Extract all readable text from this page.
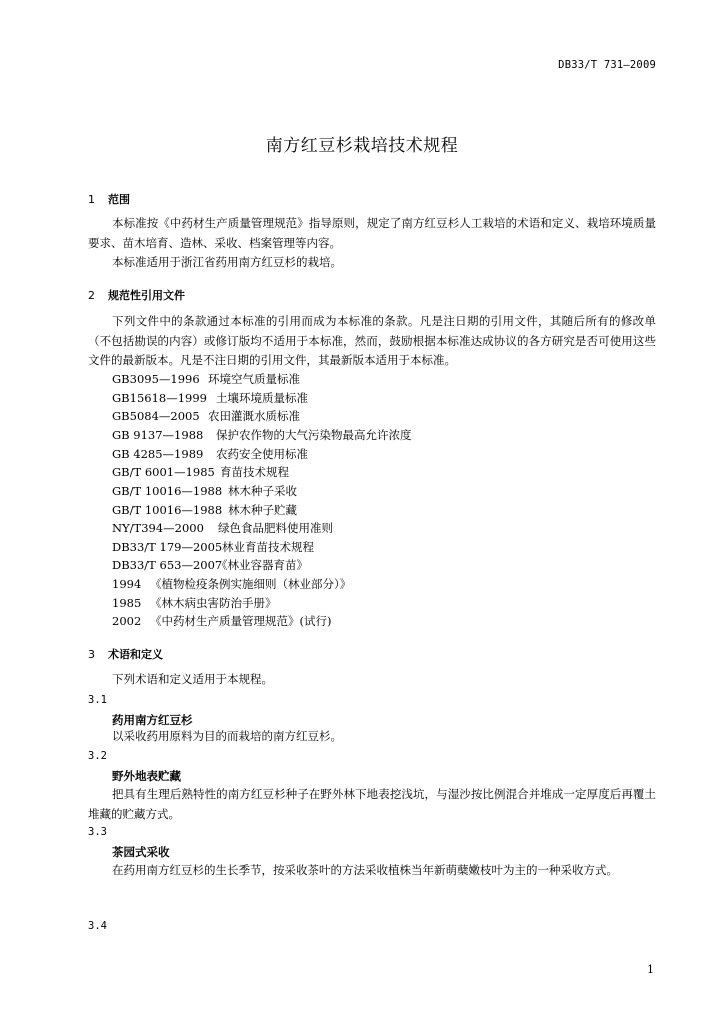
DB33/T 731—2009
南方红豆杉栽培技术规程
1 范围
本标准按《中药材生产质量管理规范》指导原则，规定了南方红豆杉人工栽培的术语和定义、栽培环境质量要求、苗木培育、造林、采收、档案管理等内容。
本标准适用于浙江省药用南方红豆杉的栽培。
2 规范性引用文件
下列文件中的条款通过本标准的引用而成为本标准的条款。凡是注日期的引用文件，其随后所有的修改单（不包括勘误的内容）或修订版均不适用于本标准，然而，鼓励根据本标准达成协议的各方研究是否可使用这些文件的最新版本。凡是不注日期的引用文件，其最新版本适用于本标准。
GB3095—1996 环境空气质量标准
GB15618—1999 土壤环境质量标准
GB5084—2005 农田灌溉水质标准
GB 9137—1988 保护农作物的大气污染物最高允许浓度
GB 4285—1989 农药安全使用标准
GB/T 6001—1985 育苗技术规程
GB/T 10016—1988 林木种子采收
GB/T 10016—1988 林木种子贮藏
NY/T394—2000 绿色食品肥料使用准则
DB33/T 179—2005林业育苗技术规程
DB33/T 653—2007《林业容器育苗》
1994 《植物检疫条例实施细则（林业部分）》
1985 《林木病虫害防治手册》
2002 《中药材生产质量管理规范》(试行)
3 术语和定义
下列术语和定义适用于本规程。
3.1
药用南方红豆杉
以采收药用原料为目的而栽培的南方红豆杉。
3.2
野外地表贮藏
把具有生理后熟特性的南方红豆杉种子在野外林下地表挖浅坑，与湿沙按比例混合并堆成一定厚度后再覆土堆藏的贮藏方式。
3.3
茶园式采收
在药用南方红豆杉的生长季节，按采收茶叶的方法采收植株当年新萌蘖嫩枝叶为主的一种采收方式。
3.4
1
